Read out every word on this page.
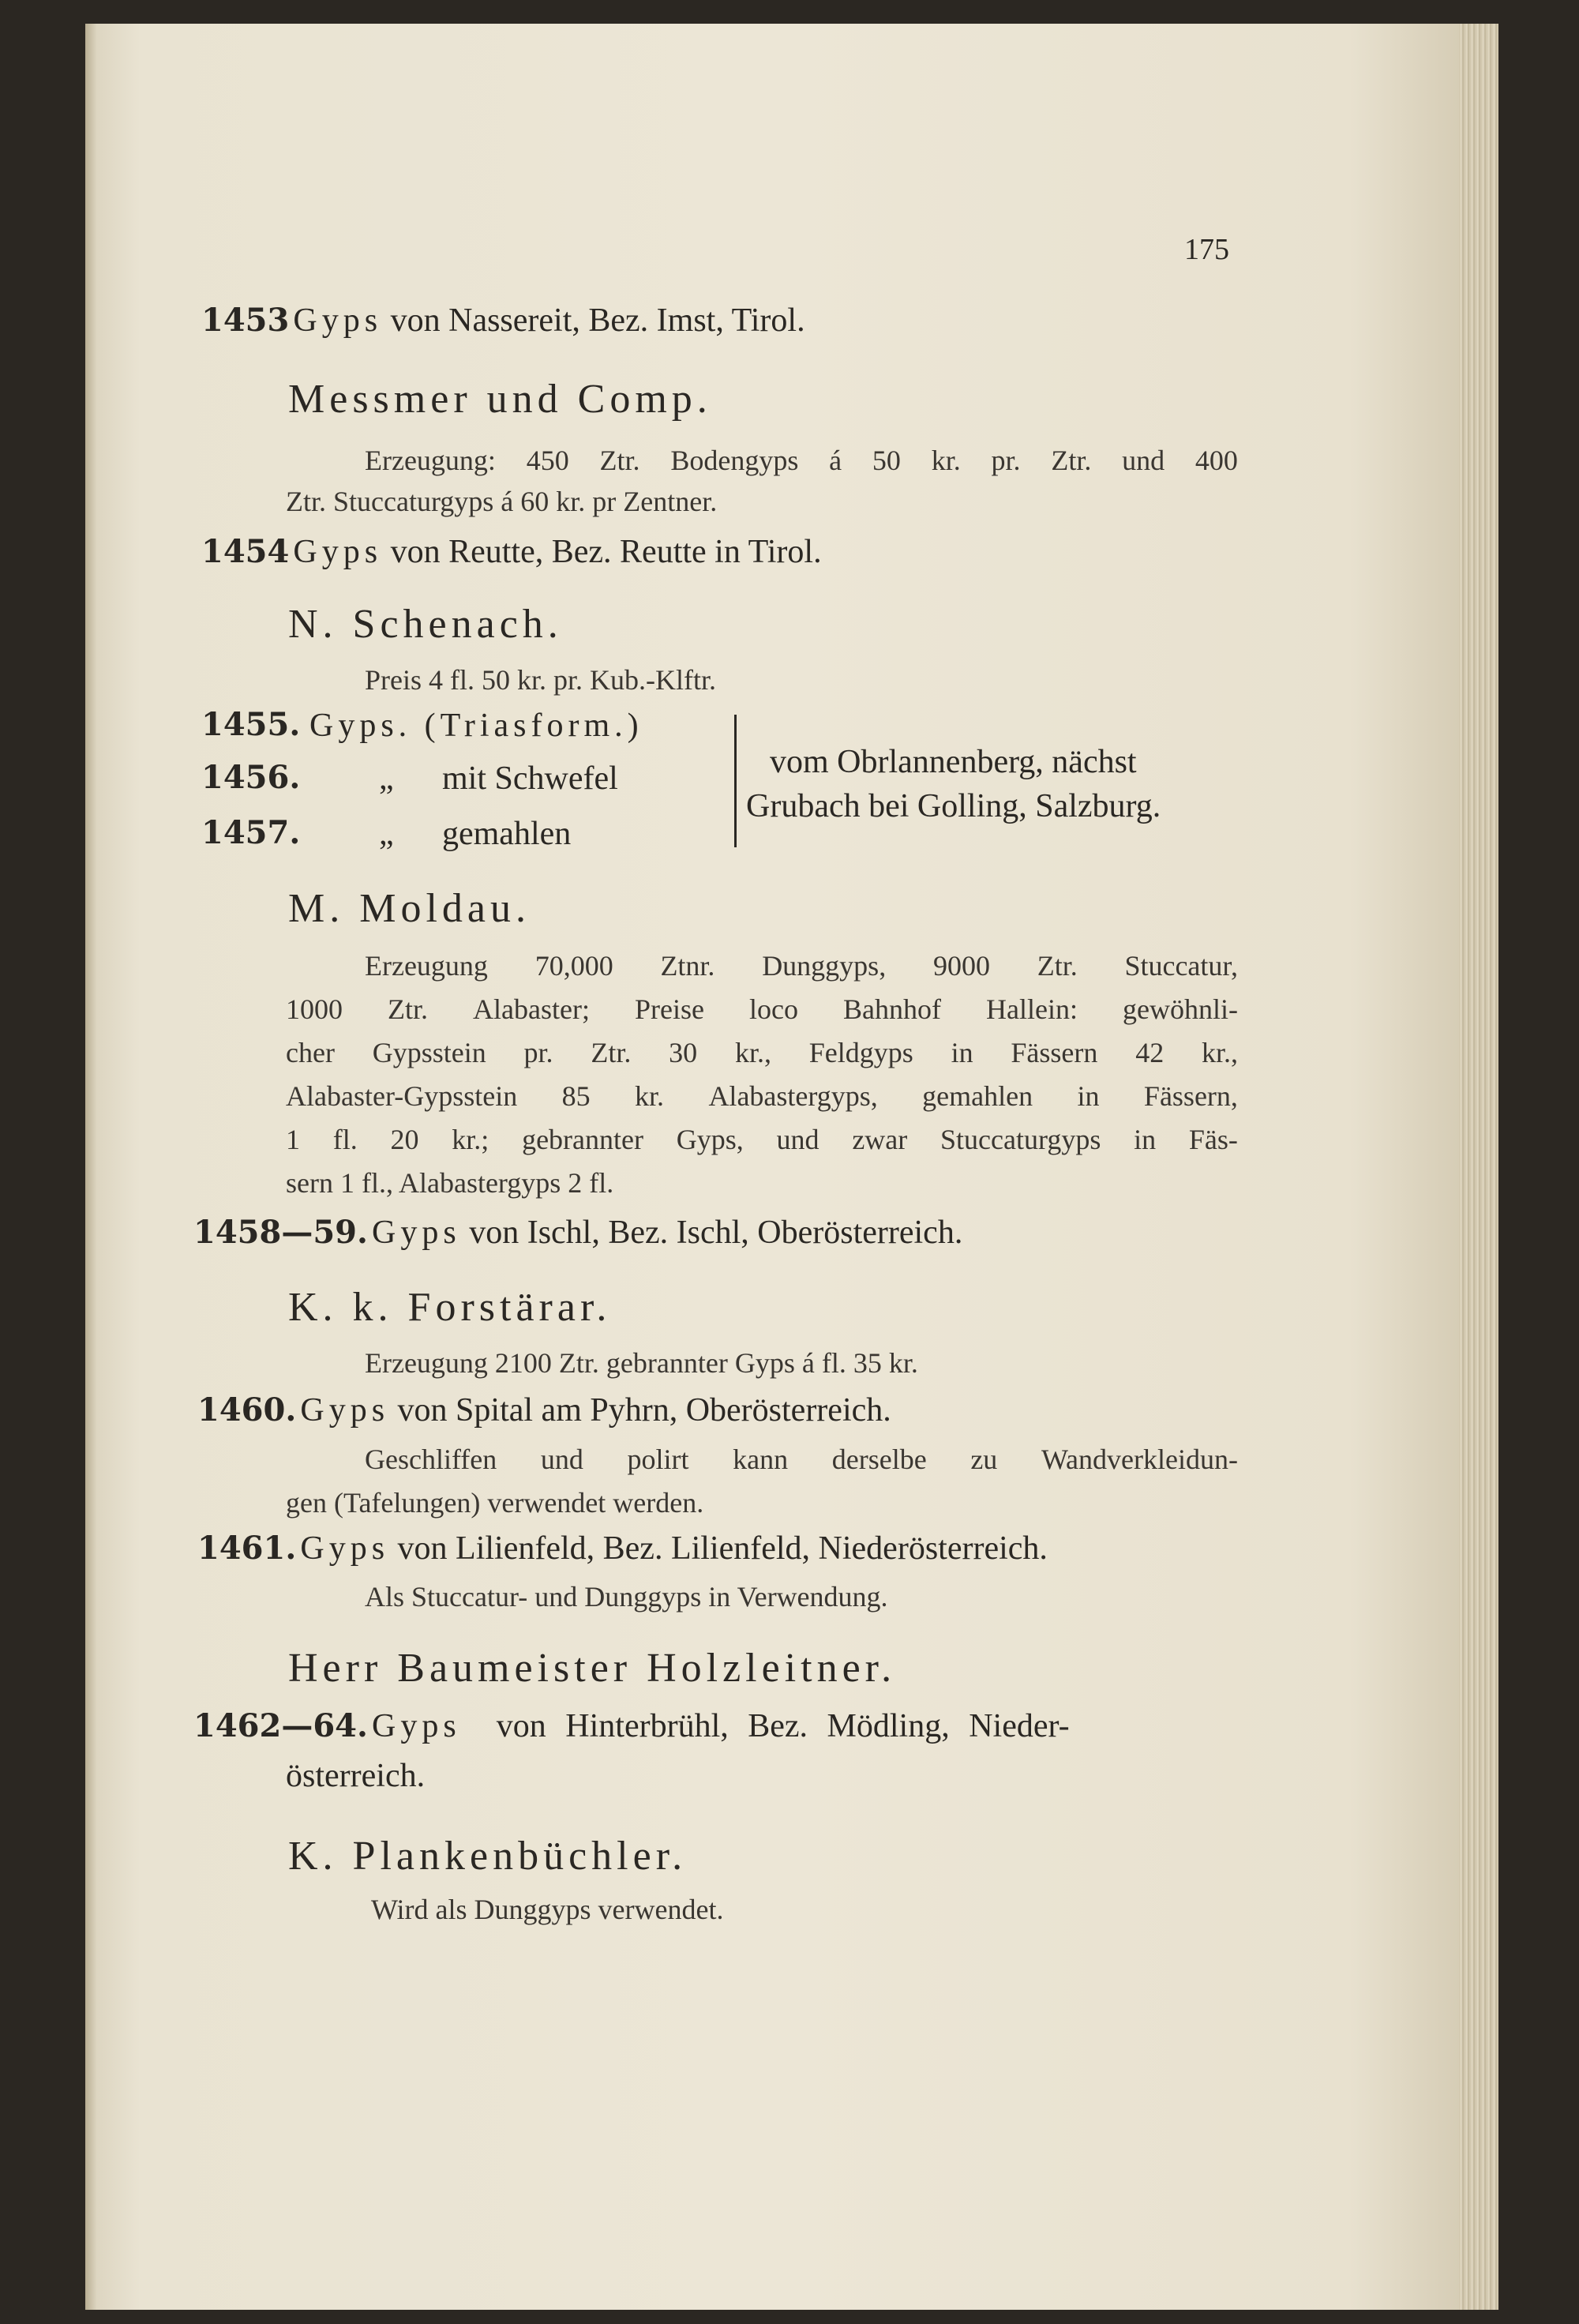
175
1453 Gyps von Nassereit, Bez. Imst, Tirol.
Messmer und Comp.
Erzeugung: 450 Ztr. Bodengyps á 50 kr. pr. Ztr. und 400
Ztr. Stuccaturgyps á 60 kr. pr Zentner.
1454 Gyps von Reutte, Bez. Reutte in Tirol.
N. Schenach.
Preis 4 fl. 50 kr. pr. Kub.-Klftr.
1455. Gyps. (Triasform.)
1456. „ mit Schwefel
1457. „ gemahlen
vom Obrlannenberg, nächst
Grubach bei Golling, Salzburg.
M. Moldau.
Erzeugung 70,000 Ztnr. Dunggyps, 9000 Ztr. Stuccatur,
1000 Ztr. Alabaster; Preise loco Bahnhof Hallein: gewöhnli-
cher Gypsstein pr. Ztr. 30 kr., Feldgyps in Fässern 42 kr.,
Alabaster-Gypsstein 85 kr. Alabastergyps, gemahlen in Fässern,
1 fl. 20 kr.; gebrannter Gyps, und zwar Stuccaturgyps in Fäs-
sern 1 fl., Alabastergyps 2 fl.
1458—59. Gyps von Ischl, Bez. Ischl, Oberösterreich.
K. k. Forstärar.
Erzeugung 2100 Ztr. gebrannter Gyps á fl. 35 kr.
1460. Gyps von Spital am Pyhrn, Oberösterreich.
Geschliffen und polirt kann derselbe zu Wandverkleidun-
gen (Tafelungen) verwendet werden.
1461. Gyps von Lilienfeld, Bez. Lilienfeld, Niederösterreich.
Als Stuccatur- und Dunggyps in Verwendung.
Herr Baumeister Holzleitner.
1462—64. Gyps von Hinterbrühl, Bez. Mödling, Nieder-
österreich.
K. Plankenbüchler.
Wird als Dunggyps verwendet.
